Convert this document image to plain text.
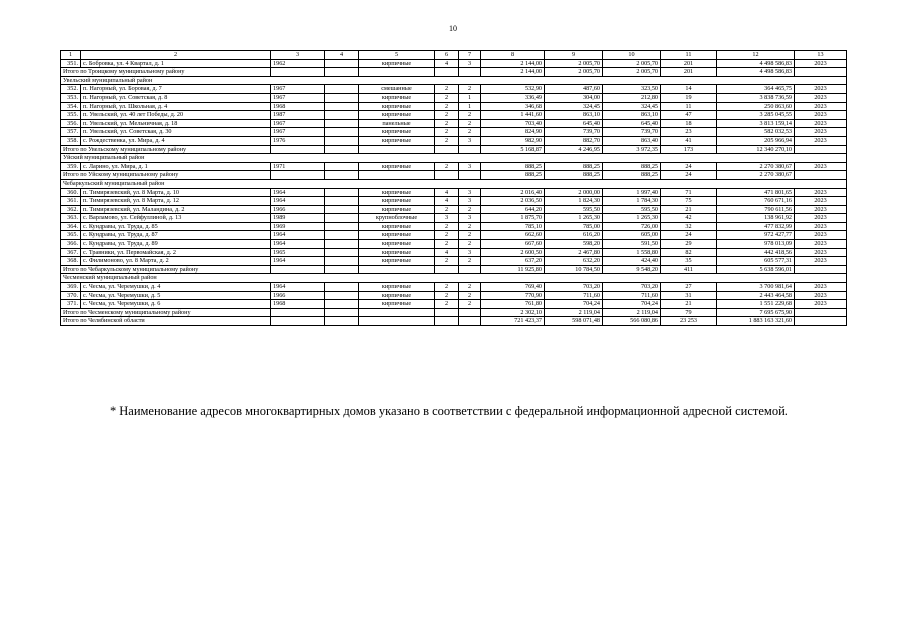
10
1	2	3	4	5	6	7	8	9	10	11	12	13
351.	с. Бобровка, ул. 4 Квартал, д. 1	1962		кирпичные	4	3	2 144,00	2 005,70	2 005,70	201	4 498 586,83	2023
Итого по Троицкому муниципальному району							2 144,00	2 005,70	2 005,70	201	4 498 586,83	
Увельский муниципальный район												
352.	п. Нагорный, ул. Боровая, д. 7	1967		смешанные	2	2	532,90	487,60	323,50	14	364 465,75	2023
353.	п. Нагорный, ул. Советская, д. 8	1967		кирпичные	2	1	336,49	304,00	212,80	19	3 838 736,59	2023
354.	п. Нагорный, ул. Школьная, д. 4	1968		кирпичные	2	1	346,68	324,45	324,45	11	250 863,60	2023
355.	п. Увельский, ул. 40 лет Победы, д. 20	1987		кирпичные	2	2	1 441,60	863,10	863,10	47	3 285 045,55	2023
356.	п. Увельский, ул. Мельничная, д. 18	1967		панельные	2	2	703,40	645,40	645,40	18	3 813 159,14	2023
357.	п. Увельский, ул. Советская, д. 30	1967		кирпичные	2	2	824,90	739,70	739,70	23	582 032,53	2023
358.	с. Рождественка, ул. Мира, д. 4	1976		кирпичные	2	3	982,90	882,70	863,40	41	205 966,94	2023
Итого по Увельскому муниципальному району							5 168,87	4 246,95	3 972,35	173	12 340 270,10	
Уйский муниципальный район												
359.	с. Ларино, ул. Мира, д. 1	1971		кирпичные	2	3	888,25	888,25	888,25	24	2 270 380,67	2023
Итого по Уйскому муниципальному району							888,25	888,25	888,25	24	2 270 380,67	
Чебаркульский муниципальный район												
360.	п. Тимирязевский, ул. 8 Марта, д. 10	1964		кирпичные	4	3	2 016,40	2 000,00	1 997,40	71	471 801,65	2023
361.	п. Тимирязевский, ул. 8 Марта, д. 12	1964		кирпичные	4	3	2 036,50	1 824,30	1 784,30	75	760 671,16	2023
362.	п. Тимирязевский, ул. Маландина, д. 2	1966		кирпичные	2	2	644,20	595,50	595,50	21	790 611,56	2023
363.	с. Варламово, ул. Сейфуллиной, д. 13	1989		крупноблочные	3	3	1 875,70	1 265,30	1 265,30	42	138 961,92	2023
364.	с. Кундравы, ул. Труда, д. 85	1969		кирпичные	2	2	785,10	785,00	726,00	32	477 832,99	2023
365.	с. Кундравы, ул. Труда, д. 87	1964		кирпичные	2	2	662,60	616,20	605,00	24	972 427,77	2023
366.	с. Кундравы, ул. Труда, д. 89	1964		кирпичные	2	2	667,60	598,20	591,50	29	978 013,09	2023
367.	с. Травники, ул. Первомайская, д. 2	1965		кирпичные	4	3	2 600,50	2 467,80	1 558,80	82	442 418,56	2023
368.	с. Филимоново, ул. 8 Марта, д. 2	1964		кирпичные	2	2	637,20	632,20	424,40	35	605 577,31	2023
Итого по Чебаркульскому муниципальному району							11 925,80	10 784,50	9 548,20	411	5 638 596,01	
Чесменский муниципальный район												
369.	с. Чесма, ул. Черемушки, д. 4	1964		кирпичные	2	2	769,40	703,20	703,20	27	3 700 981,64	2023
370.	с. Чесма, ул. Черемушки, д. 5	1966		кирпичные	2	2	770,90	711,60	711,60	31	2 443 464,58	2023
371.	с. Чесма, ул. Черемушки, д. 6	1968		кирпичные	2	2	761,80	704,24	704,24	21	1 551 229,68	2023
Итого по Чесменскому муниципальному району							2 302,10	2 119,04	2 119,04	79	7 695 675,90	
Итого по Челябинской области							721 423,37	598 071,48	566 080,86	23 253	1 883 163 321,60	
* Наименование адресов многоквартирных домов указано в соответствии с федеральной информационной адресной системой.
